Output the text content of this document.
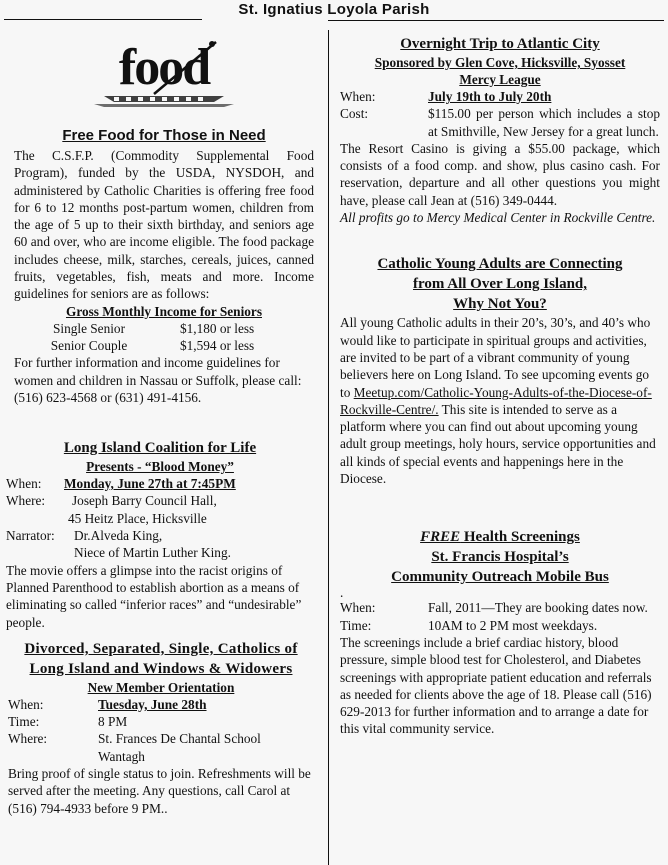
St. Ignatius Loyola Parish
food
Free Food for Those in Need

The C.S.F.P. (Commodity Supplemental Food Program), funded by the USDA, NYSDOH, and administered by Catholic Charities is offering free food for 6 to 12 months post-partum women, children from the age of 5 up to their sixth birthday, and seniors age 60 and over, who are income eligible. The food package includes cheese, milk, starches, cereals, juices, canned fruits, vegetables, fish, meats and more. Income guidelines for seniors are as follows:

Gross Monthly Income for Seniors
Single Senior	$1,180 or less
Senior Couple	$1,594 or less

For further information and income guidelines for women and children in Nassau or Suffolk, please call: (516) 623-4568 or (631) 491-4156.

Long Island Coalition for Life
Presents - “Blood Money”
When:	Monday, June 27th at 7:45PM
Where:	Joseph Barry Council Hall,

45 Heitz Place, Hicksville

Narrator:	Dr.Alveda King,

Niece of Martin Luther King.

The movie offers a glimpse into the racist origins of Planned Parenthood to establish abortion as a means of eliminating so called “inferior races” and “undesirable” people.

Divorced, Separated, Single, Catholics of
Long Island and Windows & Widowers
New Member Orientation
When:	Tuesday, June 28th
Time:	8 PM
Where:	St. Frances De Chantal School

Wantagh

Bring proof of single status to join. Refreshments will be served after the meeting. Any questions, call Carol at (516) 794-4933 before 9 PM..

Overnight Trip to Atlantic City
Sponsored by Glen Cove, Hicksville, Syosset
Mercy League
When:	July 19th to July 20th
Cost:	$115.00 per person which includes a stop at Smithville, New Jersey for a great lunch.

The Resort Casino is giving a $55.00 package, which consists of a food comp. and show, plus casino cash. For reservation, departure and all other questions you might have, please call Jean at (516) 349-0444.

All profits go to Mercy Medical Center in Rockville Centre.

Catholic Young Adults are Connecting
from All Over Long Island,
Why Not You?

All young Catholic adults in their 20’s, 30’s, and 40’s who would like to participate in spiritual groups and activities, are invited to be part of a vibrant community of young believers here on Long Island. To see upcoming events go to Meetup.com/Catholic-Young-Adults-of-the-Diocese-of-Rockville-Centre/. This site is intended to serve as a platform where you can find out about upcoming young adult group meetings, holy hours, service opportunities and all kinds of special events and happenings here in the Diocese.

FREE Health Screenings
St. Francis Hospital’s
Community Outreach Mobile Bus

.

When:	Fall, 2011—They are booking dates now.
Time:	10AM to 2 PM most weekdays.

The screenings include a brief cardiac history, blood pressure, simple blood test for Cholesterol, and Diabetes screenings with appropriate patient education and referrals as needed for clients above the age of 18. Please call (516) 629-2013 for further information and to arrange a date for this vital community service.
